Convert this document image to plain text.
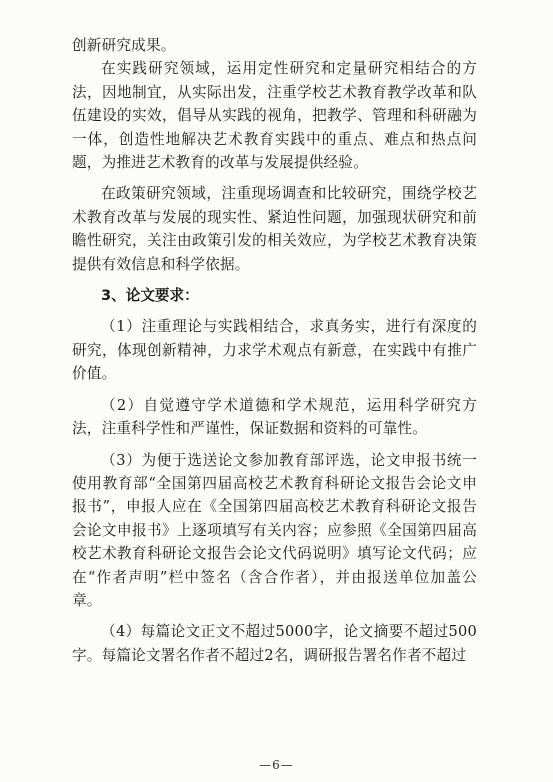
创新研究成果。

在实践研究领域，运用定性研究和定量研究相结合的方法，因地制宜，从实际出发，注重学校艺术教育教学改革和队伍建设的实效，倡导从实践的视角，把教学、管理和科研融为一体，创造性地解决艺术教育实践中的重点、难点和热点问题，为推进艺术教育的改革与发展提供经验。

在政策研究领域，注重现场调查和比较研究，围绕学校艺术教育改革与发展的现实性、紧迫性问题，加强现状研究和前瞻性研究，关注由政策引发的相关效应，为学校艺术教育决策提供有效信息和科学依据。

3、论文要求：

（1）注重理论与实践相结合，求真务实，进行有深度的研究，体现创新精神，力求学术观点有新意，在实践中有推广价值。

（2）自觉遵守学术道德和学术规范，运用科学研究方法，注重科学性和严谨性，保证数据和资料的可靠性。

（3）为便于选送论文参加教育部评选，论文申报书统一使用教育部“全国第四届高校艺术教育科研论文报告会论文申报书”，申报人应在《全国第四届高校艺术教育科研论文报告会论文申报书》上逐项填写有关内容；应参照《全国第四届高校艺术教育科研论文报告会论文代码说明》填写论文代码；应在“作者声明”栏中签名（含合作者），并由报送单位加盖公章。

（4）每篇论文正文不超过5000字，论文摘要不超过500字。每篇论文署名作者不超过2名，调研报告署名作者不超过

—6—
